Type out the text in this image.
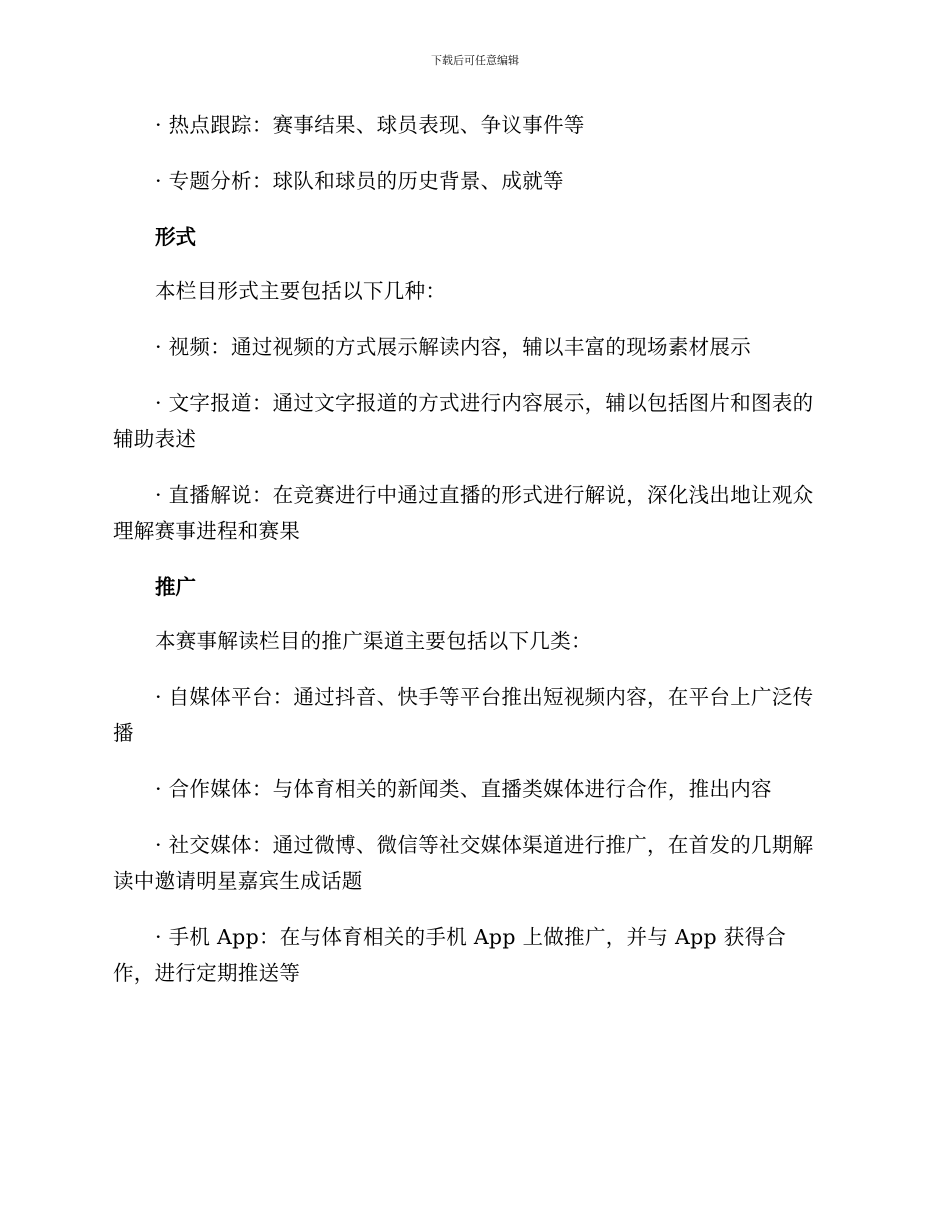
下载后可任意编辑

· 热点跟踪：赛事结果、球员表现、争议事件等

· 专题分析：球队和球员的历史背景、成就等

形式

本栏目形式主要包括以下几种：

· 视频：通过视频的方式展示解读内容，辅以丰富的现场素材展示

· 文字报道：通过文字报道的方式进行内容展示，辅以包括图片和图表的辅助表述

· 直播解说：在竞赛进行中通过直播的形式进行解说，深化浅出地让观众理解赛事进程和赛果

推广

本赛事解读栏目的推广渠道主要包括以下几类：

· 自媒体平台：通过抖音、快手等平台推出短视频内容，在平台上广泛传播

· 合作媒体：与体育相关的新闻类、直播类媒体进行合作，推出内容

· 社交媒体：通过微博、微信等社交媒体渠道进行推广，在首发的几期解读中邀请明星嘉宾生成话题

· 手机 App：在与体育相关的手机 App 上做推广，并与 App 获得合作，进行定期推送等
